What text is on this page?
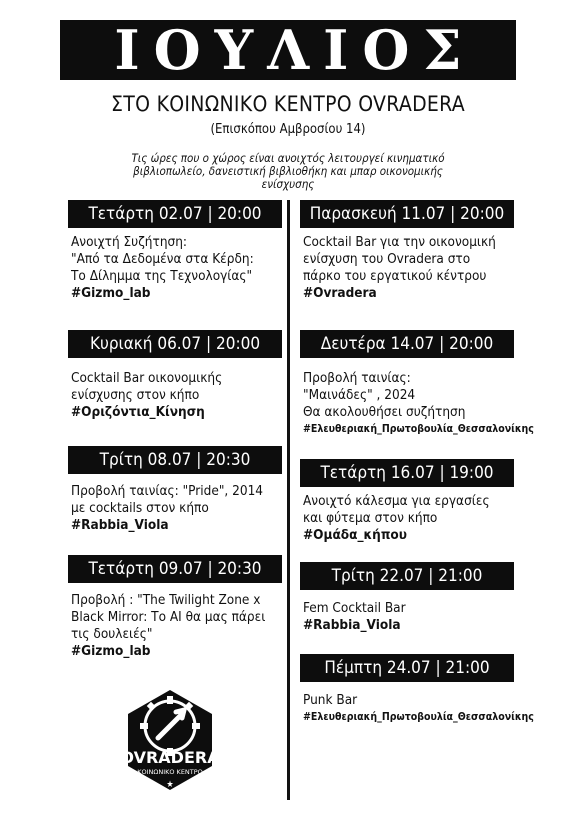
ΙΟΥΛΙΟΣ
ΣΤΟ ΚΟΙΝΩΝΙΚΟ ΚΕΝΤΡΟ OVRADERA
(Επισκόπου Αμβροσίου 14)
Τις ώρες που ο χώρος είναι ανοιχτός λειτουργεί κινηματικό βιβλιοπωλείο, δανειστική βιβλιοθήκη και μπαρ οικονομικής ενίσχυσης
Τετάρτη 02.07 | 20:00
Ανοιχτή Συζήτηση:
"Από τα Δεδομένα στα Κέρδη:
Το Δίλημμα της Τεχνολογίας"
#Gizmo_lab
Κυριακή 06.07 | 20:00
Cocktail Bar οικονομικής
ενίσχυσης στον κήπο
#Οριζόντια_Κίνηση
Τρίτη 08.07 | 20:30
Προβολή ταινίας: "Pride", 2014
με cocktails στον κήπο
#Rabbia_Viola
Τετάρτη 09.07 | 20:30
Προβολή : "The Twilight Zone x
Black Mirror: Το AI θα μας πάρει
τις δουλειές"
#Gizmo_lab
Παρασκευή 11.07 | 20:00
Cocktail Bar για την οικονομική
ενίσχυση του Ovradera στο
πάρκο του εργατικού κέντρου
#Ovradera
Δευτέρα 14.07 | 20:00
Προβολή ταινίας:
"Μαινάδες" , 2024
Θα ακολουθήσει συζήτηση
#Ελευθεριακή_Πρωτοβουλία_Θεσσαλονίκης
Τετάρτη 16.07 | 19:00
Ανοιχτό κάλεσμα για εργασίες
και φύτεμα στον κήπο
#Ομάδα_κήπου
Τρίτη 22.07 | 21:00
Fem Cocktail Bar
#Rabbia_Viola
Πέμπτη 24.07 | 21:00
Punk Bar
#Ελευθεριακή_Πρωτοβουλία_Θεσσαλονίκης
OVRADERA
ΚΟΙΝΩΝΙΚΟ ΚΕΝΤΡΟ
★
